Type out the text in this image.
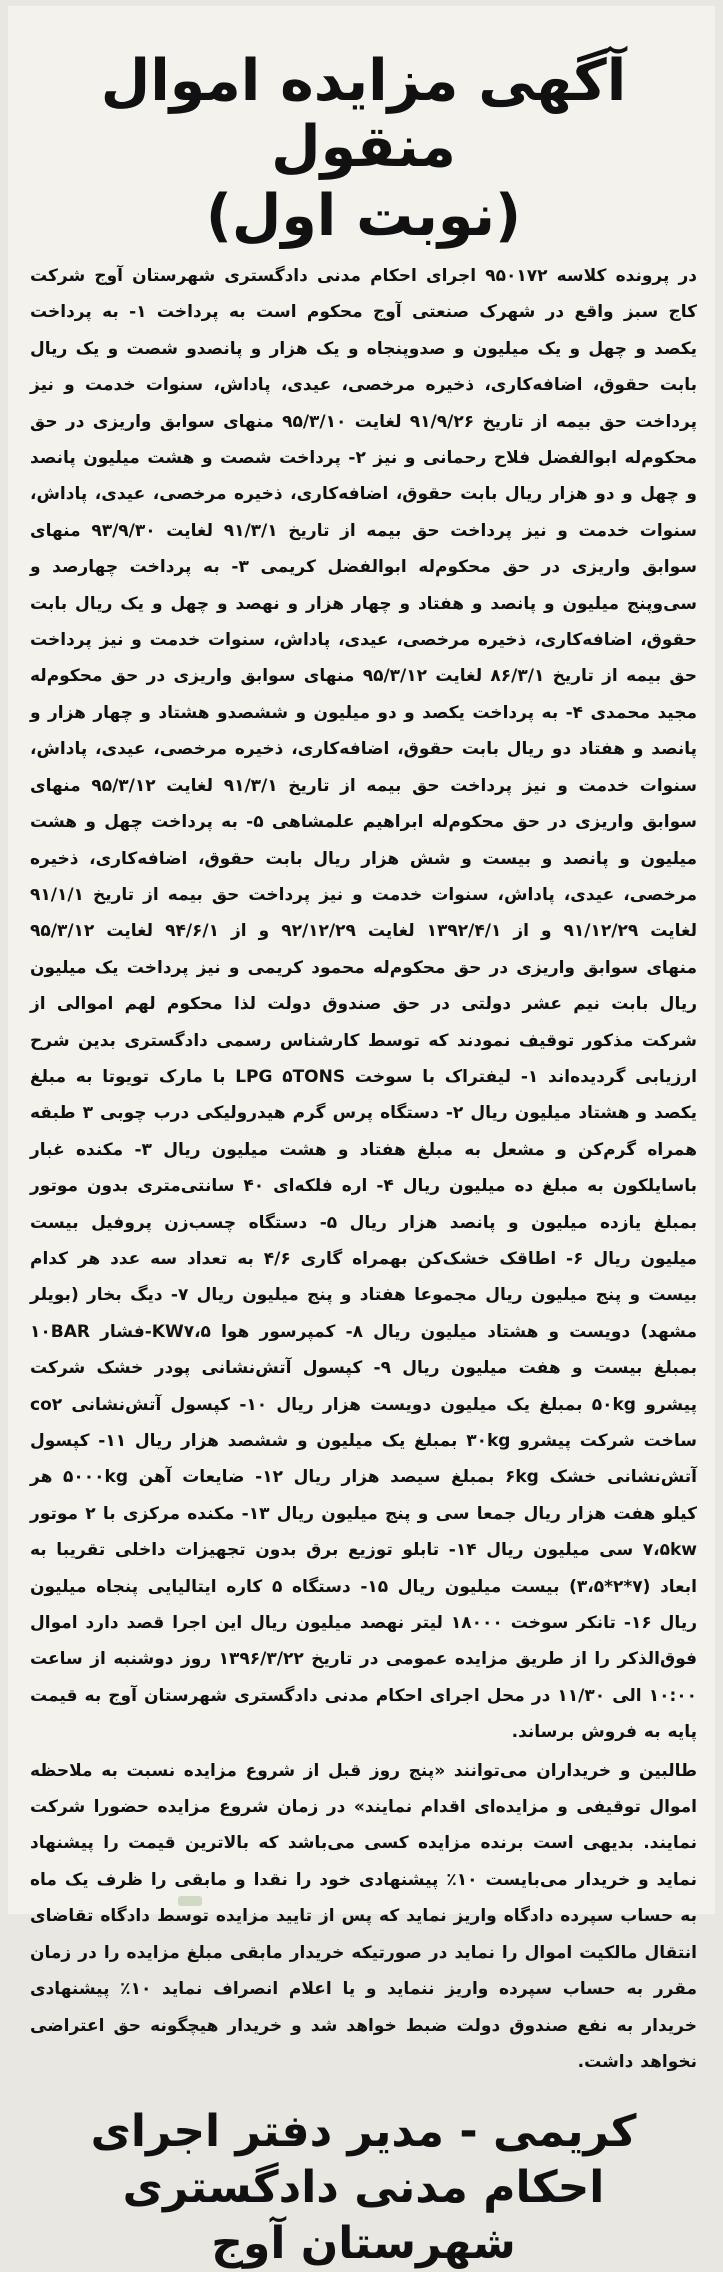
آگهی مزایده اموال منقول
(نوبت اول)

در پرونده کلاسه ۹۵۰۱۷۲ اجرای احکام مدنی دادگستری شهرستان آوج شرکت کاج سبز واقع در شهرک صنعتی آوج محکوم است به پرداخت ۱- به پرداخت یکصد و چهل و یک میلیون و صدوپنجاه و یک هزار و پانصدو شصت و یک ریال بابت حقوق، اضافه‌کاری، ذخیره مرخصی، عیدی، پاداش، سنوات خدمت و نیز پرداخت حق بیمه از تاریخ ۹۱/۹/۲۶ لغایت ۹۵/۳/۱۰ منهای سوابق واریزی در حق محکوم‌له ابوالفضل فلاح رحمانی و نیز ۲- پرداخت شصت و هشت میلیون پانصد و چهل و دو هزار ریال بابت حقوق، اضافه‌کاری، ذخیره مرخصی، عیدی، پاداش، سنوات خدمت و نیز پرداخت حق بیمه از تاریخ ۹۱/۳/۱ لغایت ۹۳/۹/۳۰ منهای سوابق واریزی در حق محکوم‌له ابوالفضل کریمی ۳- به پرداخت چهارصد و سی‌وپنج میلیون و پانصد و هفتاد و چهار هزار و نهصد و چهل و یک ریال بابت حقوق، اضافه‌کاری، ذخیره مرخصی، عیدی، پاداش، سنوات خدمت و نیز پرداخت حق بیمه از تاریخ ۸۶/۳/۱ لغایت ۹۵/۳/۱۲ منهای سوابق واریزی در حق محکوم‌له مجید محمدی ۴- به پرداخت یکصد و دو میلیون و ششصدو هشتاد و چهار هزار و پانصد و هفتاد دو ریال بابت حقوق، اضافه‌کاری، ذخیره مرخصی، عیدی، پاداش، سنوات خدمت و نیز پرداخت حق بیمه از تاریخ ۹۱/۳/۱ لغایت ۹۵/۳/۱۲ منهای سوابق واریزی در حق محکوم‌له ابراهیم علمشاهی ۵- به پرداخت چهل و هشت میلیون و پانصد و بیست و شش هزار ریال بابت حقوق، اضافه‌کاری، ذخیره مرخصی، عیدی، پاداش، سنوات خدمت و نیز پرداخت حق بیمه از تاریخ ۹۱/۱/۱ لغایت ۹۱/۱۲/۲۹ و از ۱۳۹۲/۴/۱ لغایت ۹۲/۱۲/۲۹ و از ۹۴/۶/۱ لغایت ۹۵/۳/۱۲ منهای سوابق واریزی در حق محکوم‌له محمود کریمی و نیز پرداخت یک میلیون ریال بابت نیم عشر دولتی در حق صندوق دولت لذا محکوم لهم اموالی از شرکت مذکور توقیف نمودند که توسط کارشناس رسمی دادگستری بدین شرح ارزیابی گردیده‌اند ۱- لیفتراک با سوخت LPG ۵TONS با مارک تویوتا به مبلغ یکصد و هشتاد میلیون ریال ۲- دستگاه پرس گرم هیدرولیکی درب چوبی ۳ طبقه همراه گرم‌کن و مشعل به مبلغ هفتاد و هشت میلیون ریال ۳- مکنده غبار باسایلکون به مبلغ ده میلیون ریال ۴- اره فلکه‌ای ۴۰ سانتی‌متری بدون موتور بمبلغ یازده میلیون و پانصد هزار ریال ۵- دستگاه چسب‌زن پروفیل بیست میلیون ریال ۶- اطاقک خشک‌کن بهمراه گاری ۴/۶ به تعداد سه عدد هر کدام بیست و پنج میلیون ریال مجموعا هفتاد و پنج میلیون ریال ۷- دیگ بخار (بویلر مشهد) دویست و هشتاد میلیون ریال ۸- کمپرسور هوا KW۷،۵-فشار ۱۰BAR بمبلغ بیست و هفت میلیون ریال ۹- کپسول آتش‌نشانی پودر خشک شرکت پیشرو ۵۰kg بمبلغ یک میلیون دویست هزار ریال ۱۰- کپسول آتش‌نشانی co۲ ساخت شرکت پیشرو ۳۰kg بمبلغ یک میلیون و ششصد هزار ریال ۱۱- کپسول آتش‌نشانی خشک ۶kg بمبلغ سیصد هزار ریال ۱۲- ضایعات آهن ۵۰۰۰kg هر کیلو هفت هزار ریال جمعا سی و پنج میلیون ریال ۱۳- مکنده مرکزی با ۲ موتور ۷،۵kw سی میلیون ریال ۱۴- تابلو توزیع برق بدون تجهیزات داخلی تقریبا به ابعاد (۷*۲*۳،۵) بیست میلیون ریال ۱۵- دستگاه ۵ کاره ایتالیایی پنجاه میلیون ریال ۱۶- تانکر سوخت ۱۸۰۰۰ لیتر نهصد میلیون ریال این اجرا قصد دارد اموال فوق‌الذکر را از طریق مزایده عمومی در تاریخ ۱۳۹۶/۳/۲۲ روز دوشنبه از ساعت ۱۰:۰۰ الی ۱۱/۳۰ در محل اجرای احکام مدنی دادگستری شهرستان آوج به قیمت پایه به فروش برساند.

طالبین و خریداران می‌توانند «پنج روز قبل از شروع مزایده نسبت به ملاحظه اموال توقیفی و مزایده‌ای اقدام نمایند» در زمان شروع مزایده حضورا شرکت نمایند. بدیهی است برنده مزایده کسی می‌باشد که بالاترین قیمت را پیشنهاد نماید و خریدار می‌بایست ۱۰٪ پیشنهادی خود را نقدا و مابقی را ظرف یک ماه به حساب سپرده دادگاه واریز نماید که پس از تایید مزایده توسط دادگاه تقاضای انتقال مالکیت اموال را نماید در صورتیکه خریدار مابقی مبلغ مزایده را در زمان مقرر به حساب سپرده واریز ننماید و یا اعلام انصراف نماید ۱۰٪ پیشنهادی خریدار به نفع صندوق دولت ضبط خواهد شد و خریدار هیچگونه حق اعتراضی نخواهد داشت.

کریمی - مدیر دفتر اجرای احکام مدنی دادگستری شهرستان آوج
